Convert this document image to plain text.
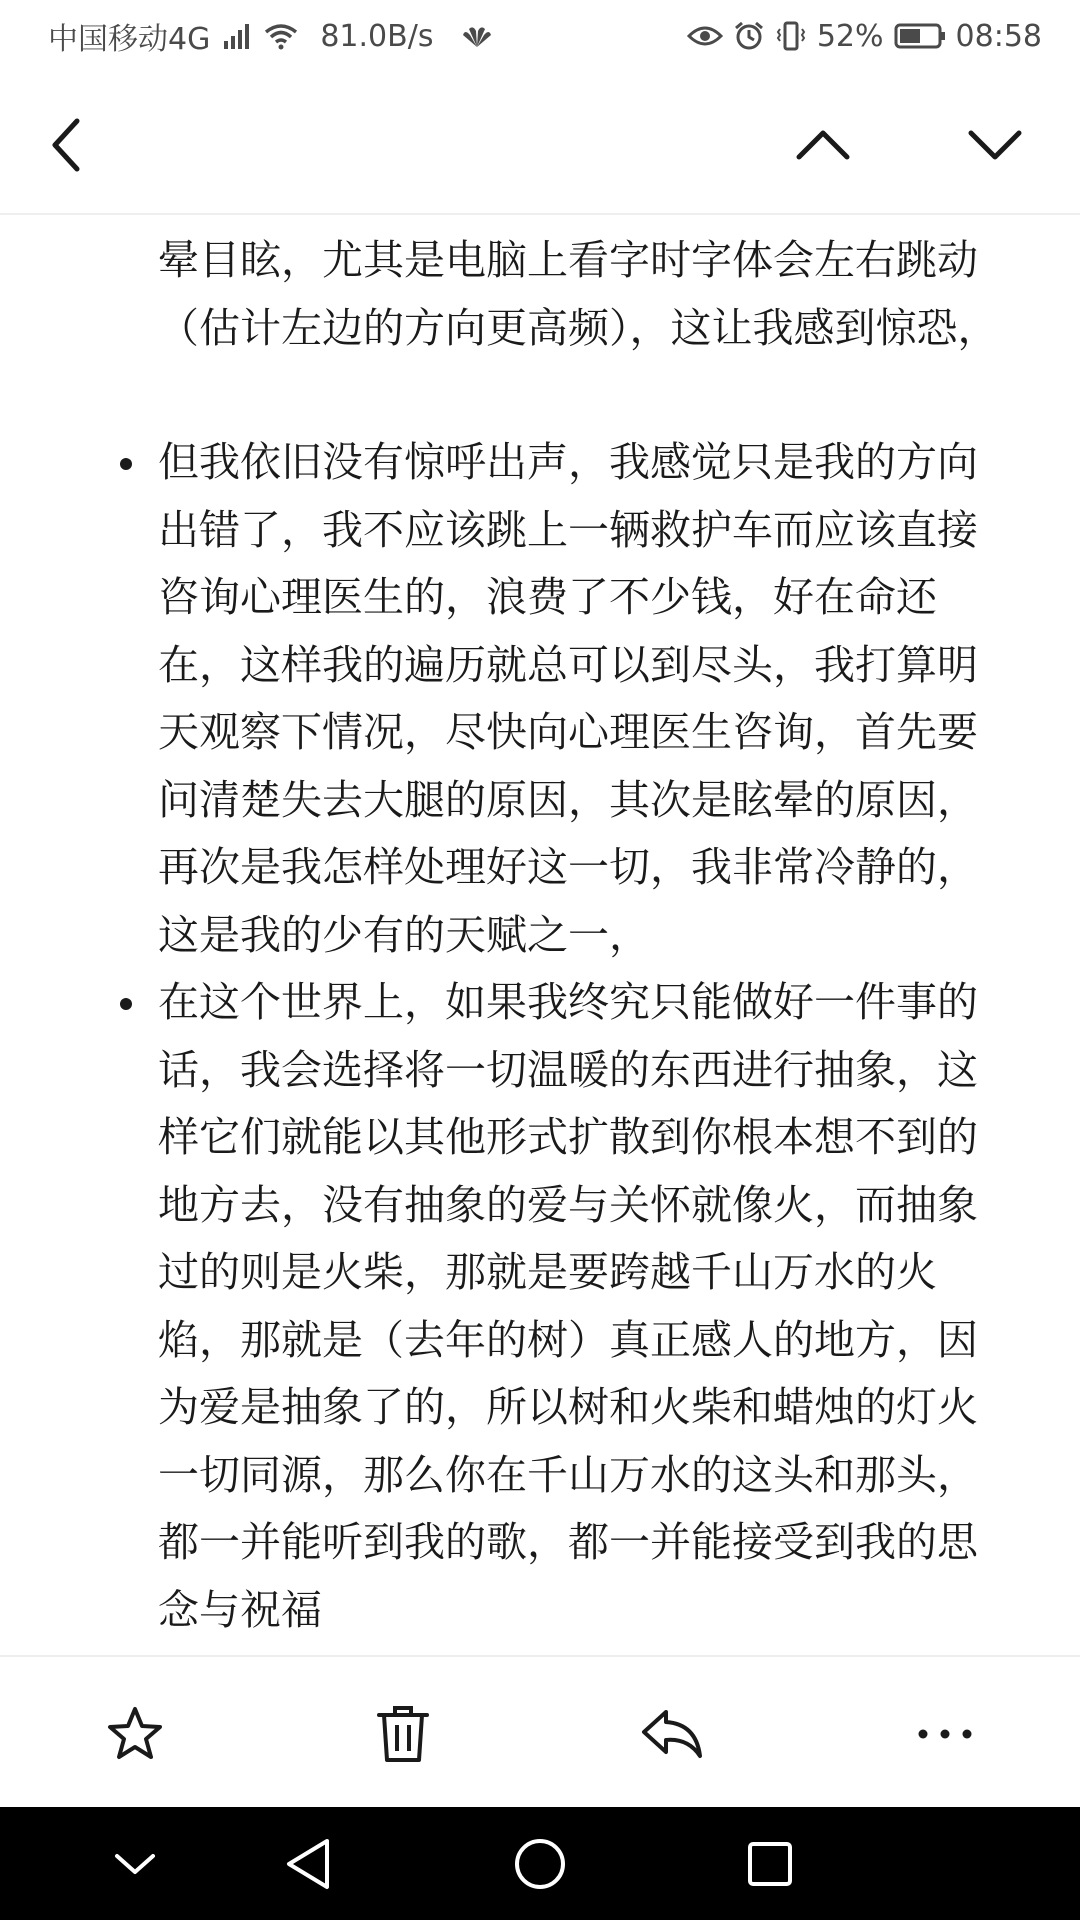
中国移动4G	81.0B/s	52% 08:58
晕目眩，尤其是电脑上看字时字体会左右跳动（估计左边的方向更高频），这让我感到惊恐，
但我依旧没有惊呼出声，我感觉只是我的方向出错了，我不应该跳上一辆救护车而应该直接咨询心理医生的，浪费了不少钱，好在命还在，这样我的遍历就总可以到尽头，我打算明天观察下情况，尽快向心理医生咨询，首先要问清楚失去大腿的原因，其次是眩晕的原因，再次是我怎样处理好这一切，我非常冷静的，这是我的少有的天赋之一，
在这个世界上，如果我终究只能做好一件事的话，我会选择将一切温暖的东西进行抽象，这样它们就能以其他形式扩散到你根本想不到的地方去，没有抽象的爱与关怀就像火，而抽象过的则是火柴，那就是要跨越千山万水的火焰，那就是（去年的树）真正感人的地方，因为爱是抽象了的，所以树和火柴和蜡烛的灯火一切同源，那么你在千山万水的这头和那头，都一并能听到我的歌，都一并能接受到我的思念与祝福
